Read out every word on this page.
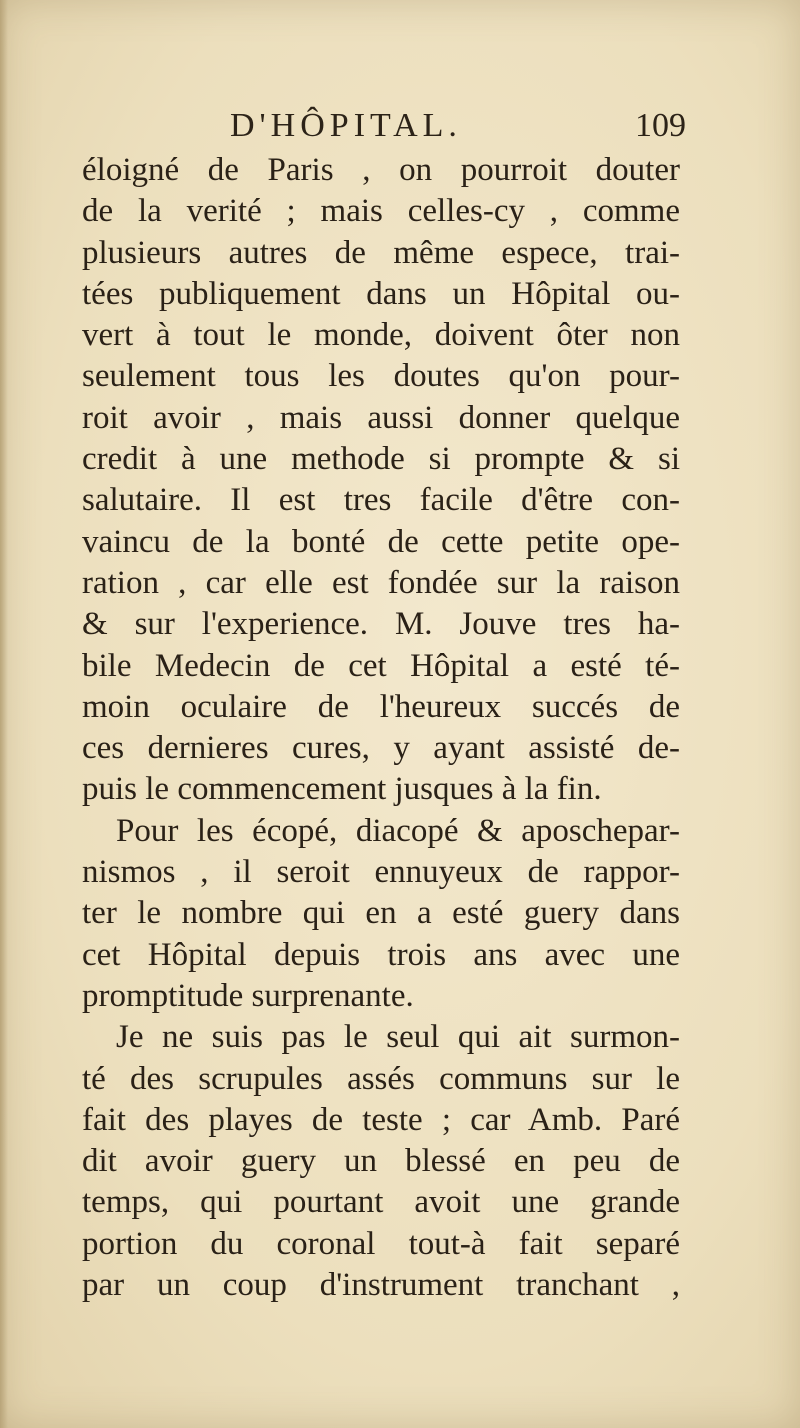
D'HÔPITAL.	109
éloigné de Paris , on pourroit douter
de la verité ; mais celles-cy , comme
plusieurs autres de même espece, trai-
tées publiquement dans un Hôpital ou-
vert à tout le monde, doivent ôter non
seulement tous les doutes qu'on pour-
roit avoir , mais aussi donner quelque
credit à une methode si prompte & si
salutaire. Il est tres facile d'être con-
vaincu de la bonté de cette petite ope-
ration , car elle est fondée sur la raison
& sur l'experience. M. Jouve tres ha-
bile Medecin de cet Hôpital a esté té-
moin oculaire de l'heureux succés de
ces dernieres cures, y ayant assisté de-
puis le commencement jusques à la fin.
Pour les écopé, diacopé & aposchepar-
nismos , il seroit ennuyeux de rappor-
ter le nombre qui en a esté guery dans
cet Hôpital depuis trois ans avec une
promptitude surprenante.
Je ne suis pas le seul qui ait surmon-
té des scrupules assés communs sur le
fait des playes de teste ; car Amb. Paré
dit avoir guery un blessé en peu de
temps, qui pourtant avoit une grande
portion du coronal tout-à fait separé
par un coup d'instrument tranchant ,
